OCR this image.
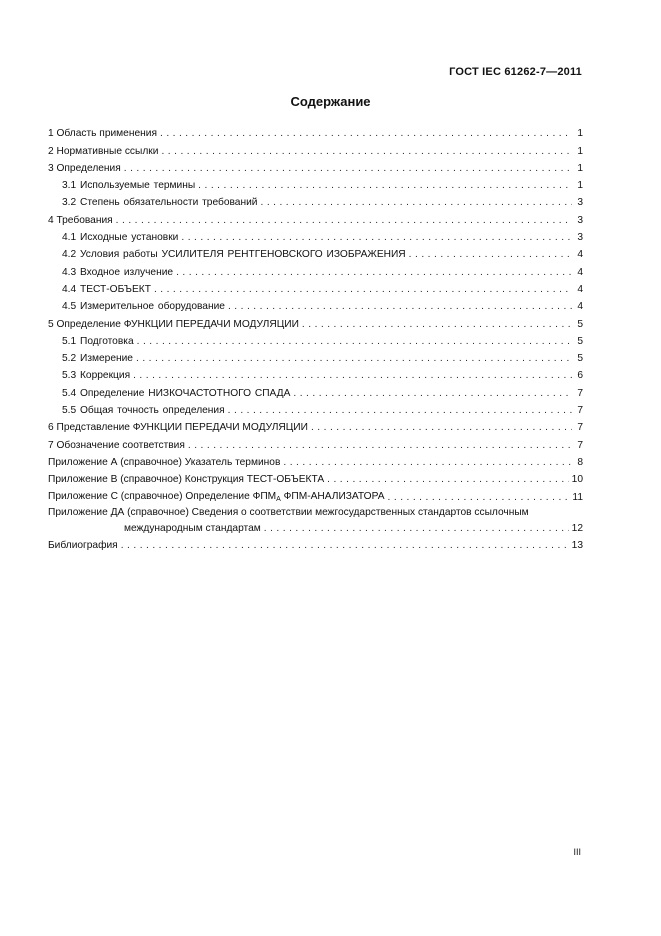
ГОСТ IEC 61262-7—2011
Содержание
1 Область применения .....	1
2 Нормативные ссылки .....	1
3 Определения .....	1
3.1 Используемые термины .....	1
3.2 Степень обязательности требований .....	3
4 Требования .....	3
4.1 Исходные установки .....	3
4.2 Условия работы УСИЛИТЕЛЯ РЕНТГЕНОВСКОГО ИЗОБРАЖЕНИЯ .....	4
4.3 Входное излучение .....	4
4.4 ТЕСТ-ОБЪЕКТ .....	4
4.5 Измерительное оборудование .....	4
5 Определение ФУНКЦИИ ПЕРЕДАЧИ МОДУЛЯЦИИ .....	5
5.1 Подготовка .....	5
5.2 Измерение .....	5
5.3 Коррекция .....	6
5.4 Определение НИЗКОЧАСТОТНОГО СПАДА .....	7
5.5 Общая точность определения .....	7
6 Представление ФУНКЦИИ ПЕРЕДАЧИ МОДУЛЯЦИИ .....	7
7 Обозначение соответствия .....	7
Приложение А (справочное) Указатель терминов .....	8
Приложение В (справочное) Конструкция ТЕСТ-ОБЪЕКТА .....	10
Приложение С (справочное) Определение $ФПМ_А$ ФПМ-АНАЛИЗАТОРА .....	11
Приложение ДА (справочное) Сведения о соответствии межгосударственных стандартов ссылочным
международным стандартам .....	12
Библиография .....	13
III
